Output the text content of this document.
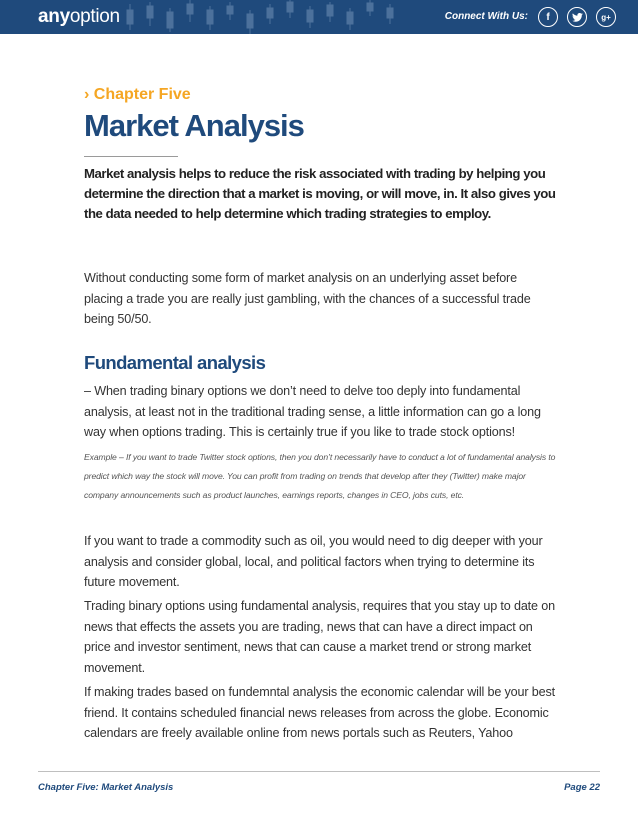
anyoption	Connect With Us:	f	g+
› Chapter Five
Market Analysis
Market analysis helps to reduce the risk associated with trading by helping you determine the direction that a market is moving, or will move, in. It also gives you the data needed to help determine which trading strategies to employ.
Without conducting some form of market analysis on an underlying asset before placing a trade you are really just gambling, with the chances of a successful trade being 50/50.
Fundamental analysis
– When trading binary options we don’t need to delve too deply into fundamental analysis, at least not in the traditional trading sense, a little information can go a long way when options trading. This is certainly true if you like to trade stock options!
Example – If you want to trade Twitter stock options, then you don’t necessarily have to conduct a lot of fundamental analysis to predict which way the stock will move. You can profit from trading on trends that develop after they (Twitter) make major company announcements such as product launches, earnings reports, changes in CEO, jobs cuts, etc.
If you want to trade a commodity such as oil, you would need to dig deeper with your analysis and consider global, local, and political factors when trying to determine its future movement.
Trading binary options using fundamental analysis, requires that you stay up to date on news that effects the assets you are trading, news that can have a direct impact on price and investor sentiment, news that can cause a market trend or strong market movement.
If making trades based on fundemntal analysis the economic calendar will be your best friend. It contains scheduled financial news releases from across the globe. Economic calendars are freely available online from news portals such as Reuters, Yahoo
Chapter Five: Market Analysis	Page 22
